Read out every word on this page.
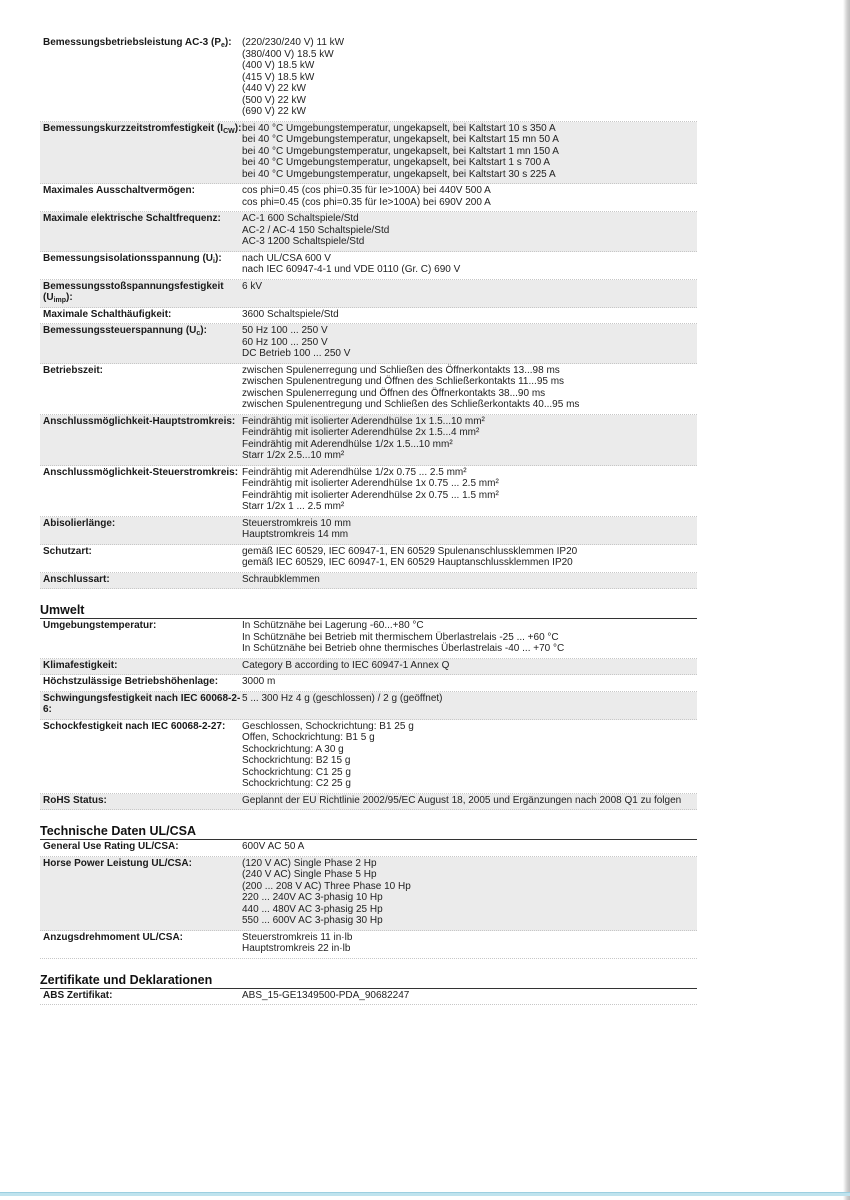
Bemessungsbetriebsleistung AC-3 $(P_e)$:	(220/230/240 V) 11 kW
(380/400 V) 18.5 kW
(400 V) 18.5 kW
(415 V) 18.5 kW
(440 V) 22 kW
(500 V) 22 kW
(690 V) 22 kW
Bemessungskurzzeitstromfestigkeit $(I_{CW})$: bei 40 °C Umgebungstemperatur, ungekapselt, bei Kaltstart 10 s 350 A
bei 40 °C Umgebungstemperatur, ungekapselt, bei Kaltstart 15 mn 50 A
bei 40 °C Umgebungstemperatur, ungekapselt, bei Kaltstart 1 mn 150 A
bei 40 °C Umgebungstemperatur, ungekapselt, bei Kaltstart 1 s 700 A
bei 40 °C Umgebungstemperatur, ungekapselt, bei Kaltstart 30 s 225 A
Maximales Ausschaltvermögen:	cos phi=0.45 (cos phi=0.35 für Ie>100A) bei 440V 500 A
cos phi=0.45 (cos phi=0.35 für Ie>100A) bei 690V 200 A
Maximale elektrische Schaltfrequenz:	AC-1 600 Schaltspiele/Std
AC-2 / AC-4 150 Schaltspiele/Std
AC-3 1200 Schaltspiele/Std
Bemessungsisolationsspannung $(U_i)$:	nach UL/CSA 600 V
nach IEC 60947-4-1 und VDE 0110 (Gr. C) 690 V
Bemessungsstoßspannungsfestigkeit $(U_{imp})$:
6 kV
Maximale Schalthäufigkeit:	3600 Schaltspiele/Std
Bemessungssteuerspannung $(U_c)$:	50 Hz 100 ... 250 V
60 Hz 100 ... 250 V
DC Betrieb 100 ... 250 V
Betriebszeit:	zwischen Spulenerregung und Schließen des Öffnerkontakts 13...98 ms
zwischen Spulenentregung und Öffnen des Schließerkontakts 11...95 ms
zwischen Spulenerregung und Öffnen des Öffnerkontakts 38...90 ms
zwischen Spulenentregung und Schließen des Schließerkontakts 40...95 ms
Anschlussmöglichkeit-Hauptstromkreis: Feindrähtig mit isolierter Aderendhülse 1x 1.5...10 mm²
Feindrähtig mit isolierter Aderendhülse 2x 1.5...4 mm²
Feindrähtig mit Aderendhülse 1/2x 1.5...10 mm²
Starr 1/2x 2.5...10 mm²
Anschlussmöglichkeit-Steuerstromkreis: Feindrähtig mit Aderendhülse 1/2x 0.75 ... 2.5 mm²
Feindrähtig mit isolierter Aderendhülse 1x 0.75 ... 2.5 mm²
Feindrähtig mit isolierter Aderendhülse 2x 0.75 ... 1.5 mm²
Starr 1/2x 1 ... 2.5 mm²
Abisolierlänge:	Steuerstromkreis 10 mm
Hauptstromkreis 14 mm
Schutzart:	gemäß IEC 60529, IEC 60947-1, EN 60529 Spulenanschlussklemmen IP20
gemäß IEC 60529, IEC 60947-1, EN 60529 Hauptanschlussklemmen IP20
Anschlussart:	Schraubklemmen
Umwelt
Umgebungstemperatur:	In Schütznähe bei Lagerung -60...+80 °C
In Schütznähe bei Betrieb mit thermischem Überlastrelais -25 ... +60 °C
In Schütznähe bei Betrieb ohne thermisches Überlastrelais -40 ... +70 °C
Klimafestigkeit:	Category B according to IEC 60947-1 Annex Q
Höchstzulässige Betriebshöhenlage:	3000 m
Schwingungsfestigkeit nach IEC 60068-2-6:
5 ... 300 Hz 4 g (geschlossen) / 2 g (geöffnet)
Schockfestigkeit nach IEC 60068-2-27:	Geschlossen, Schockrichtung: B1 25 g
Offen, Schockrichtung: B1 5 g
Schockrichtung: A 30 g
Schockrichtung: B2 15 g
Schockrichtung: C1 25 g
Schockrichtung: C2 25 g
RoHS Status:	Geplannt der EU Richtlinie 2002/95/EC August 18, 2005 und Ergänzungen nach 2008 Q1 zu folgen
Technische Daten UL/CSA
General Use Rating UL/CSA:	600V AC 50 A
Horse Power Leistung UL/CSA:	(120 V AC) Single Phase 2 Hp
(240 V AC) Single Phase 5 Hp
(200 ... 208 V AC) Three Phase 10 Hp
220 ... 240V AC 3-phasig 10 Hp
440 ... 480V AC 3-phasig 25 Hp
550 ... 600V AC 3-phasig 30 Hp
Anzugsdrehmoment UL/CSA:	Steuerstromkreis 11 in·lb
Hauptstromkreis 22 in·lb
Zertifikate und Deklarationen
ABS Zertifikat:	ABS_15-GE1349500-PDA_90682247
